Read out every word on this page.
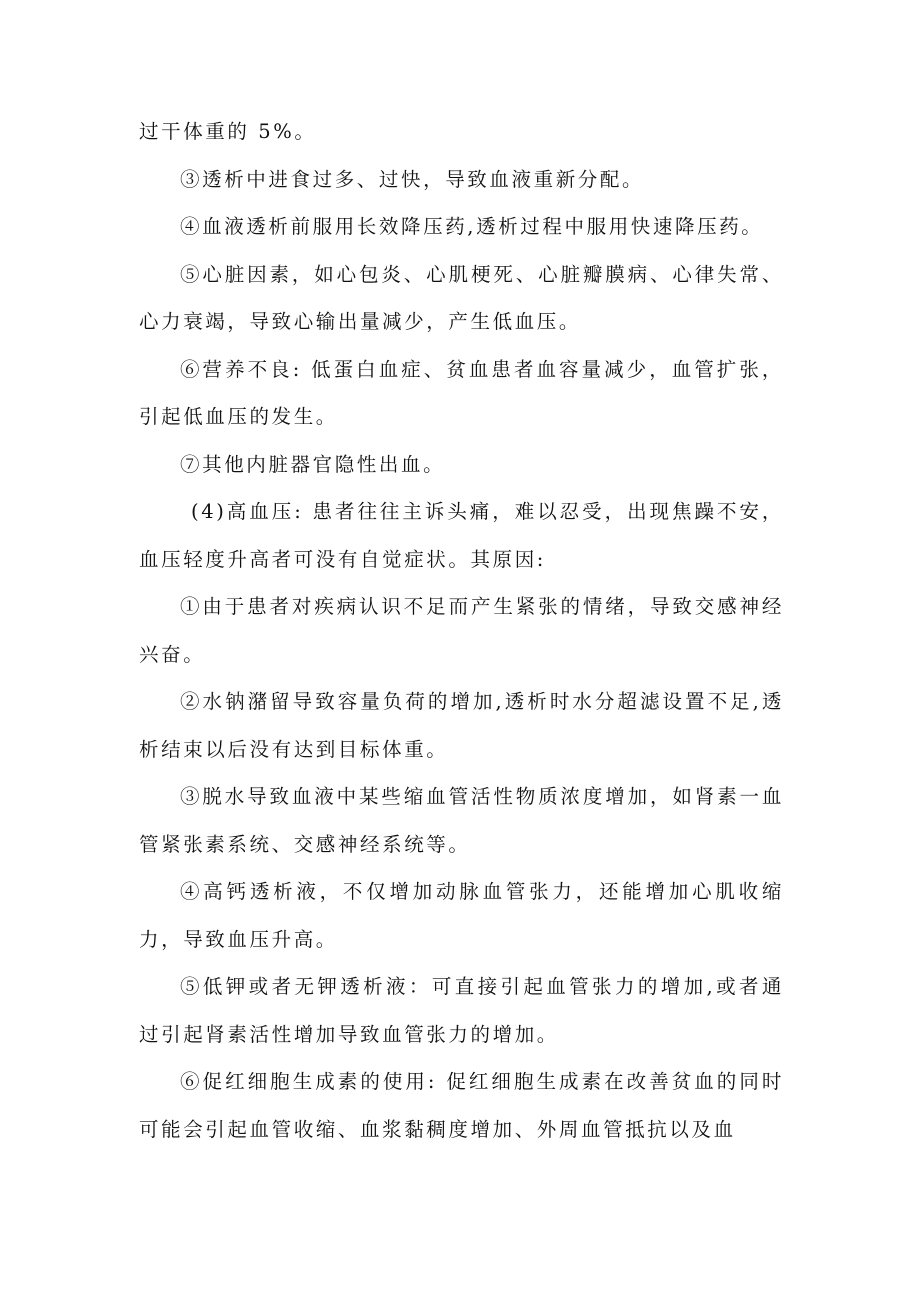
过干体重的 5%。

③透析中进食过多、过快，导致血液重新分配。

④血液透析前服用长效降压药,透析过程中服用快速降压药。

⑤心脏因素，如心包炎、心肌梗死、心脏瓣膜病、心律失常、心力衰竭，导致心输出量减少，产生低血压。

⑥营养不良: 低蛋白血症、贫血患者血容量减少，血管扩张，引起低血压的发生。

⑦其他内脏器官隐性出血。

(4)高血压: 患者往往主诉头痛，难以忍受，出现焦躁不安，血压轻度升高者可没有自觉症状。其原因:

①由于患者对疾病认识不足而产生紧张的情绪，导致交感神经兴奋。

②水钠潴留导致容量负荷的增加,透析时水分超滤设置不足,透析结束以后没有达到目标体重。

③脱水导致血液中某些缩血管活性物质浓度增加，如肾素一血管紧张素系统、交感神经系统等。

④高钙透析液，不仅增加动脉血管张力，还能增加心肌收缩力，导致血压升高。

⑤低钾或者无钾透析液：可直接引起血管张力的增加,或者通过引起肾素活性增加导致血管张力的增加。

⑥促红细胞生成素的使用: 促红细胞生成素在改善贫血的同时可能会引起血管收缩、血浆黏稠度增加、外周血管抵抗以及血
